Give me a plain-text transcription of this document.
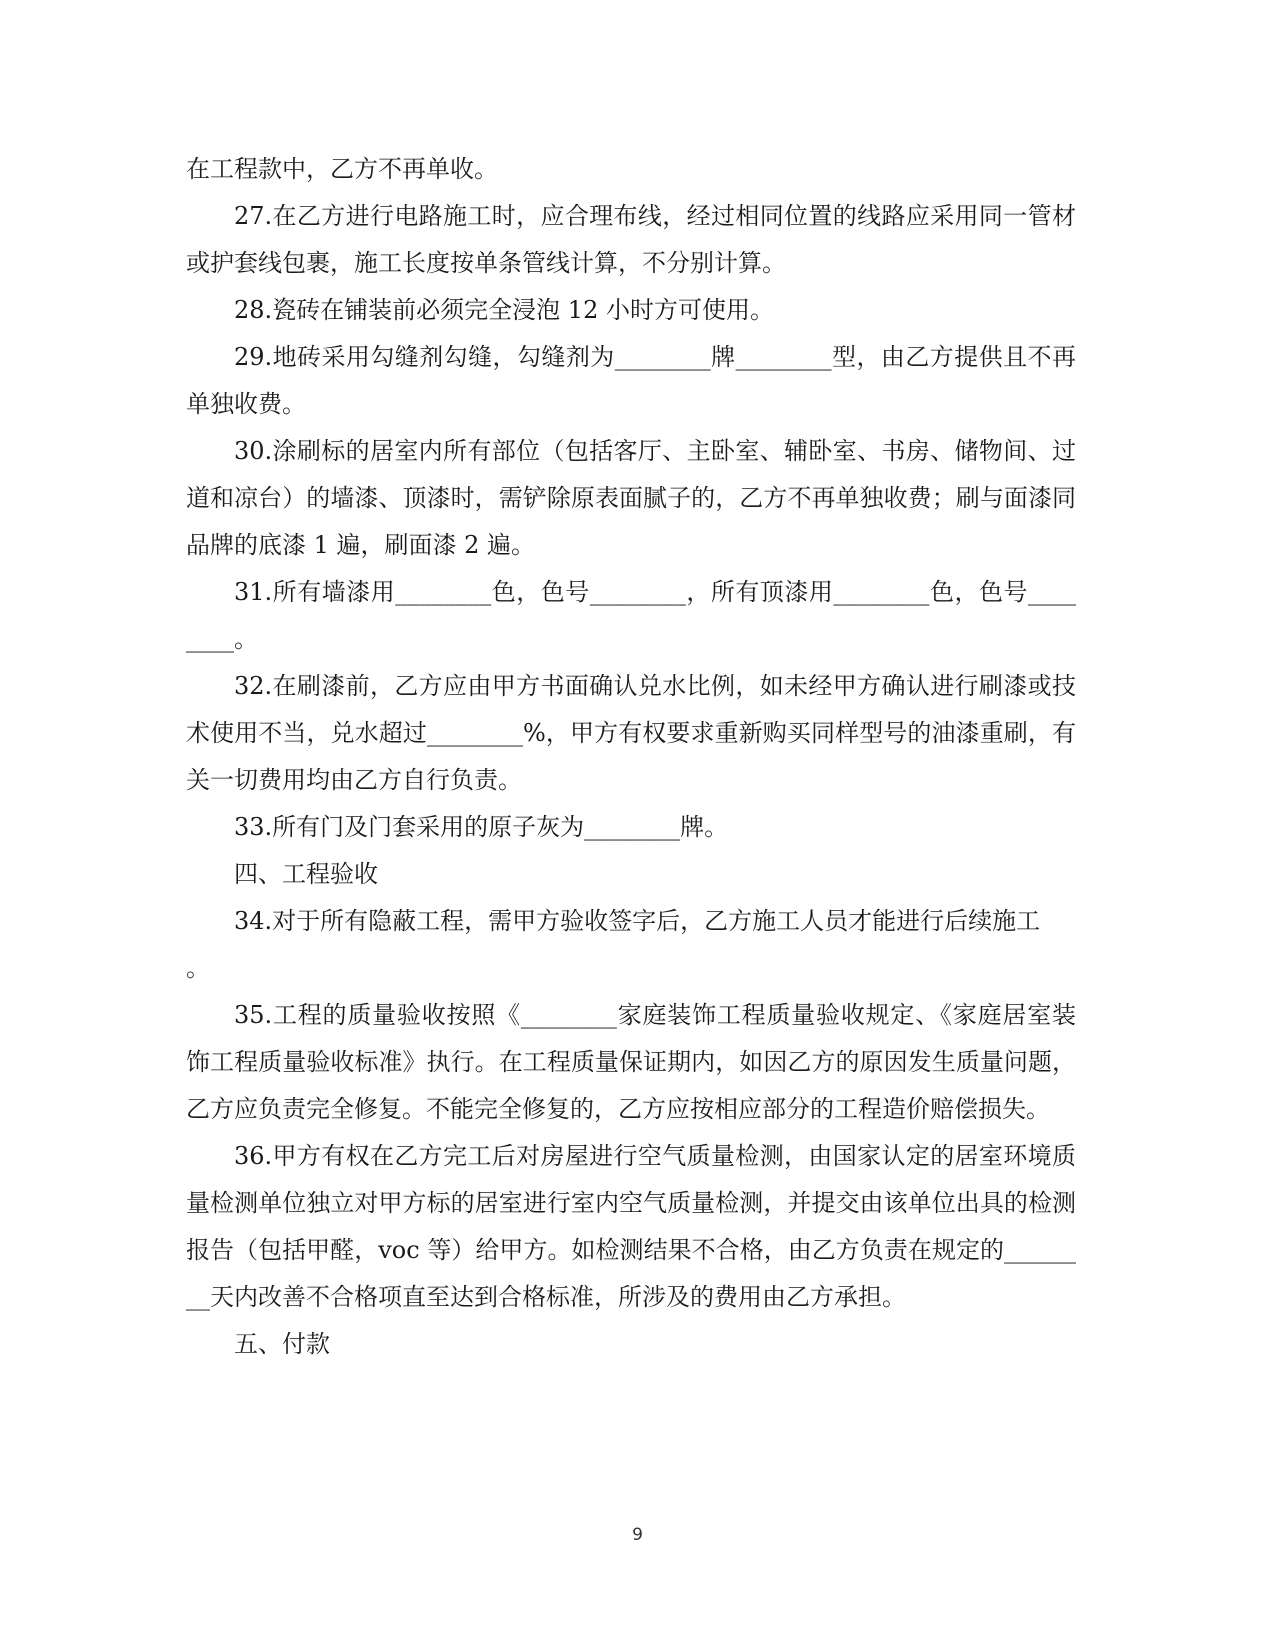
在工程款中，乙方不再单收。

27.在乙方进行电路施工时，应合理布线，经过相同位置的线路应采用同一管材或护套线包裹，施工长度按单条管线计算，不分别计算。

28.瓷砖在铺装前必须完全浸泡 12 小时方可使用。

29.地砖采用勾缝剂勾缝，勾缝剂为________牌________型，由乙方提供且不再单独收费。

30.涂刷标的居室内所有部位（包括客厅、主卧室、辅卧室、书房、储物间、过道和凉台）的墙漆、顶漆时，需铲除原表面腻子的，乙方不再单独收费；刷与面漆同品牌的底漆 1 遍，刷面漆 2 遍。

31.所有墙漆用________色，色号________，所有顶漆用________色，色号________。

32.在刷漆前，乙方应由甲方书面确认兑水比例，如未经甲方确认进行刷漆或技术使用不当，兑水超过________%，甲方有权要求重新购买同样型号的油漆重刷，有关一切费用均由乙方自行负责。

33.所有门及门套采用的原子灰为________牌。

四、工程验收

34.对于所有隐蔽工程，需甲方验收签字后，乙方施工人员才能进行后续施工
。

35.工程的质量验收按照《________家庭装饰工程质量验收规定、《家庭居室装饰工程质量验收标准》执行。在工程质量保证期内，如因乙方的原因发生质量问题，乙方应负责完全修复。不能完全修复的，乙方应按相应部分的工程造价赔偿损失。

36.甲方有权在乙方完工后对房屋进行空气质量检测，由国家认定的居室环境质量检测单位独立对甲方标的居室进行室内空气质量检测，并提交由该单位出具的检测报告（包括甲醛，voc 等）给甲方。如检测结果不合格，由乙方负责在规定的________天内改善不合格项直至达到合格标准，所涉及的费用由乙方承担。

五、付款

9
